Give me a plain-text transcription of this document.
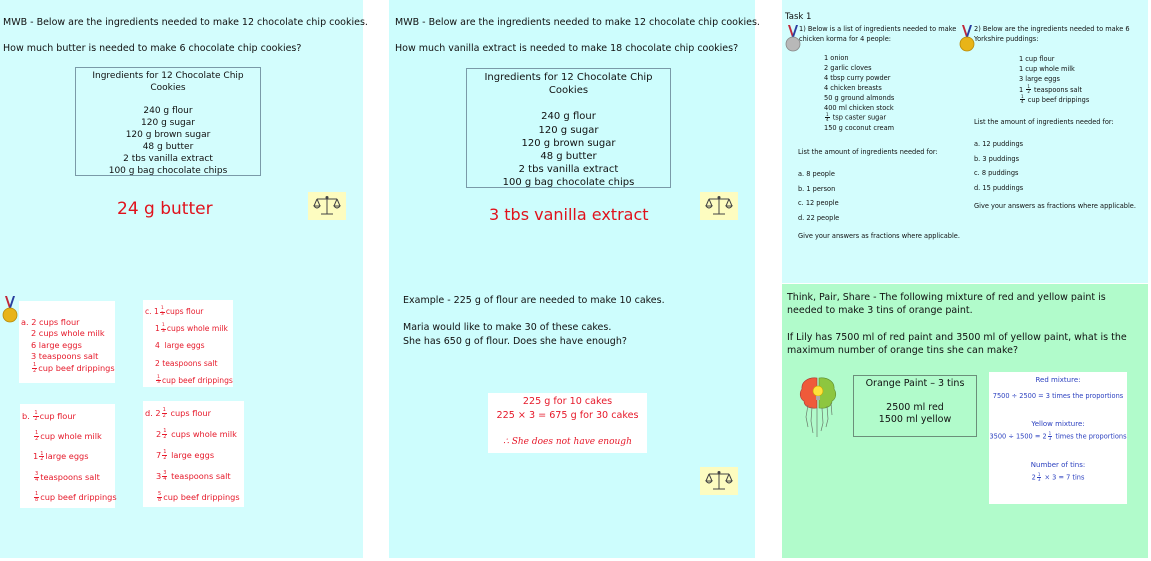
MWB - Below are the ingredients needed to make 12 chocolate chip cookies.
How much butter is needed to make 6 chocolate chip cookies?
Ingredients for 12 Chocolate Chip Cookies
240 g flour
120 g sugar
120 g brown sugar
48 g butter
2 tbs vanilla extract
100 g bag chocolate chips
24 g butter
a. 2 cups flour
2 cups whole milk
6 large eggs
3 teaspoons salt
$\frac{1}{2}$ cup beef drippings
c. $1 \frac{1}{3}$ cups flour
$1 \frac{1}{3}$ cups whole milk
4 large eggs
2 teaspoons salt
$\frac{1}{3}$ cup beef drippings
b. $\frac{1}{2}$ cup flour
$\frac{1}{2}$ cup whole milk
$1 \frac{1}{2}$ large eggs
$\frac{3}{4}$ teaspoons salt
$\frac{1}{8}$ cup beef drippings
d. $2 \frac{1}{2}$ cups flour
$2 \frac{1}{2}$ cups whole milk
$7 \frac{1}{2}$ large eggs
$3 \frac{3}{4}$ teaspoons salt
$\frac{5}{8}$ cup beef drippings
MWB - Below are the ingredients needed to make 12 chocolate chip cookies.
How much vanilla extract is needed to make 18 chocolate chip cookies?
Ingredients for 12 Chocolate Chip Cookies
240 g flour
120 g sugar
120 g brown sugar
48 g butter
2 tbs vanilla extract
100 g bag chocolate chips
3 tbs vanilla extract
Example - 225 g of flour are needed to make 10 cakes.
Maria would like to make 30 of these cakes.
She has 650 g of flour. Does she have enough?
225 g for 10 cakes
225 × 3 = 675 g for 30 cakes
∴ She does not have enough
Task 1
1) Below is a list of ingredients needed to make
chicken korma for 4 people:
1 onion
2 garlic cloves
4 tbsp curry powder
4 chicken breasts
50 g ground almonds
400 ml chicken stock
$\frac{1}{4}$ tsp caster sugar
150 g coconut cream
List the amount of ingredients needed for:
a. 8 people
b. 1 person
c. 12 people
d. 22 people
Give your answers as fractions where applicable.
2) Below are the ingredients needed to make 6
Yorkshire puddings:
1 cup flour
1 cup whole milk
3 large eggs
$1 \frac{1}{2}$ teaspoons salt
$\frac{1}{4}$ cup beef drippings
List the amount of ingredients needed for:
a. 12 puddings
b. 3 puddings
c. 8 puddings
d. 15 puddings
Give your answers as fractions where applicable.
Think, Pair, Share - The following mixture of red and yellow paint is
needed to make 3 tins of orange paint.
If Lily has 7500 ml of red paint and 3500 ml of yellow paint, what is the
maximum number of orange tins she can make?
Orange Paint – 3 tins
2500 ml red
1500 ml yellow
Red mixture:
7500 ÷ 2500 = 3 times the proportions
Yellow mixture:
$3500 \div 1500 = 2 \frac{1}{3}$ times the proportions
Number of tins:
$2 \frac{1}{3} \times 3 = 7$ tins
